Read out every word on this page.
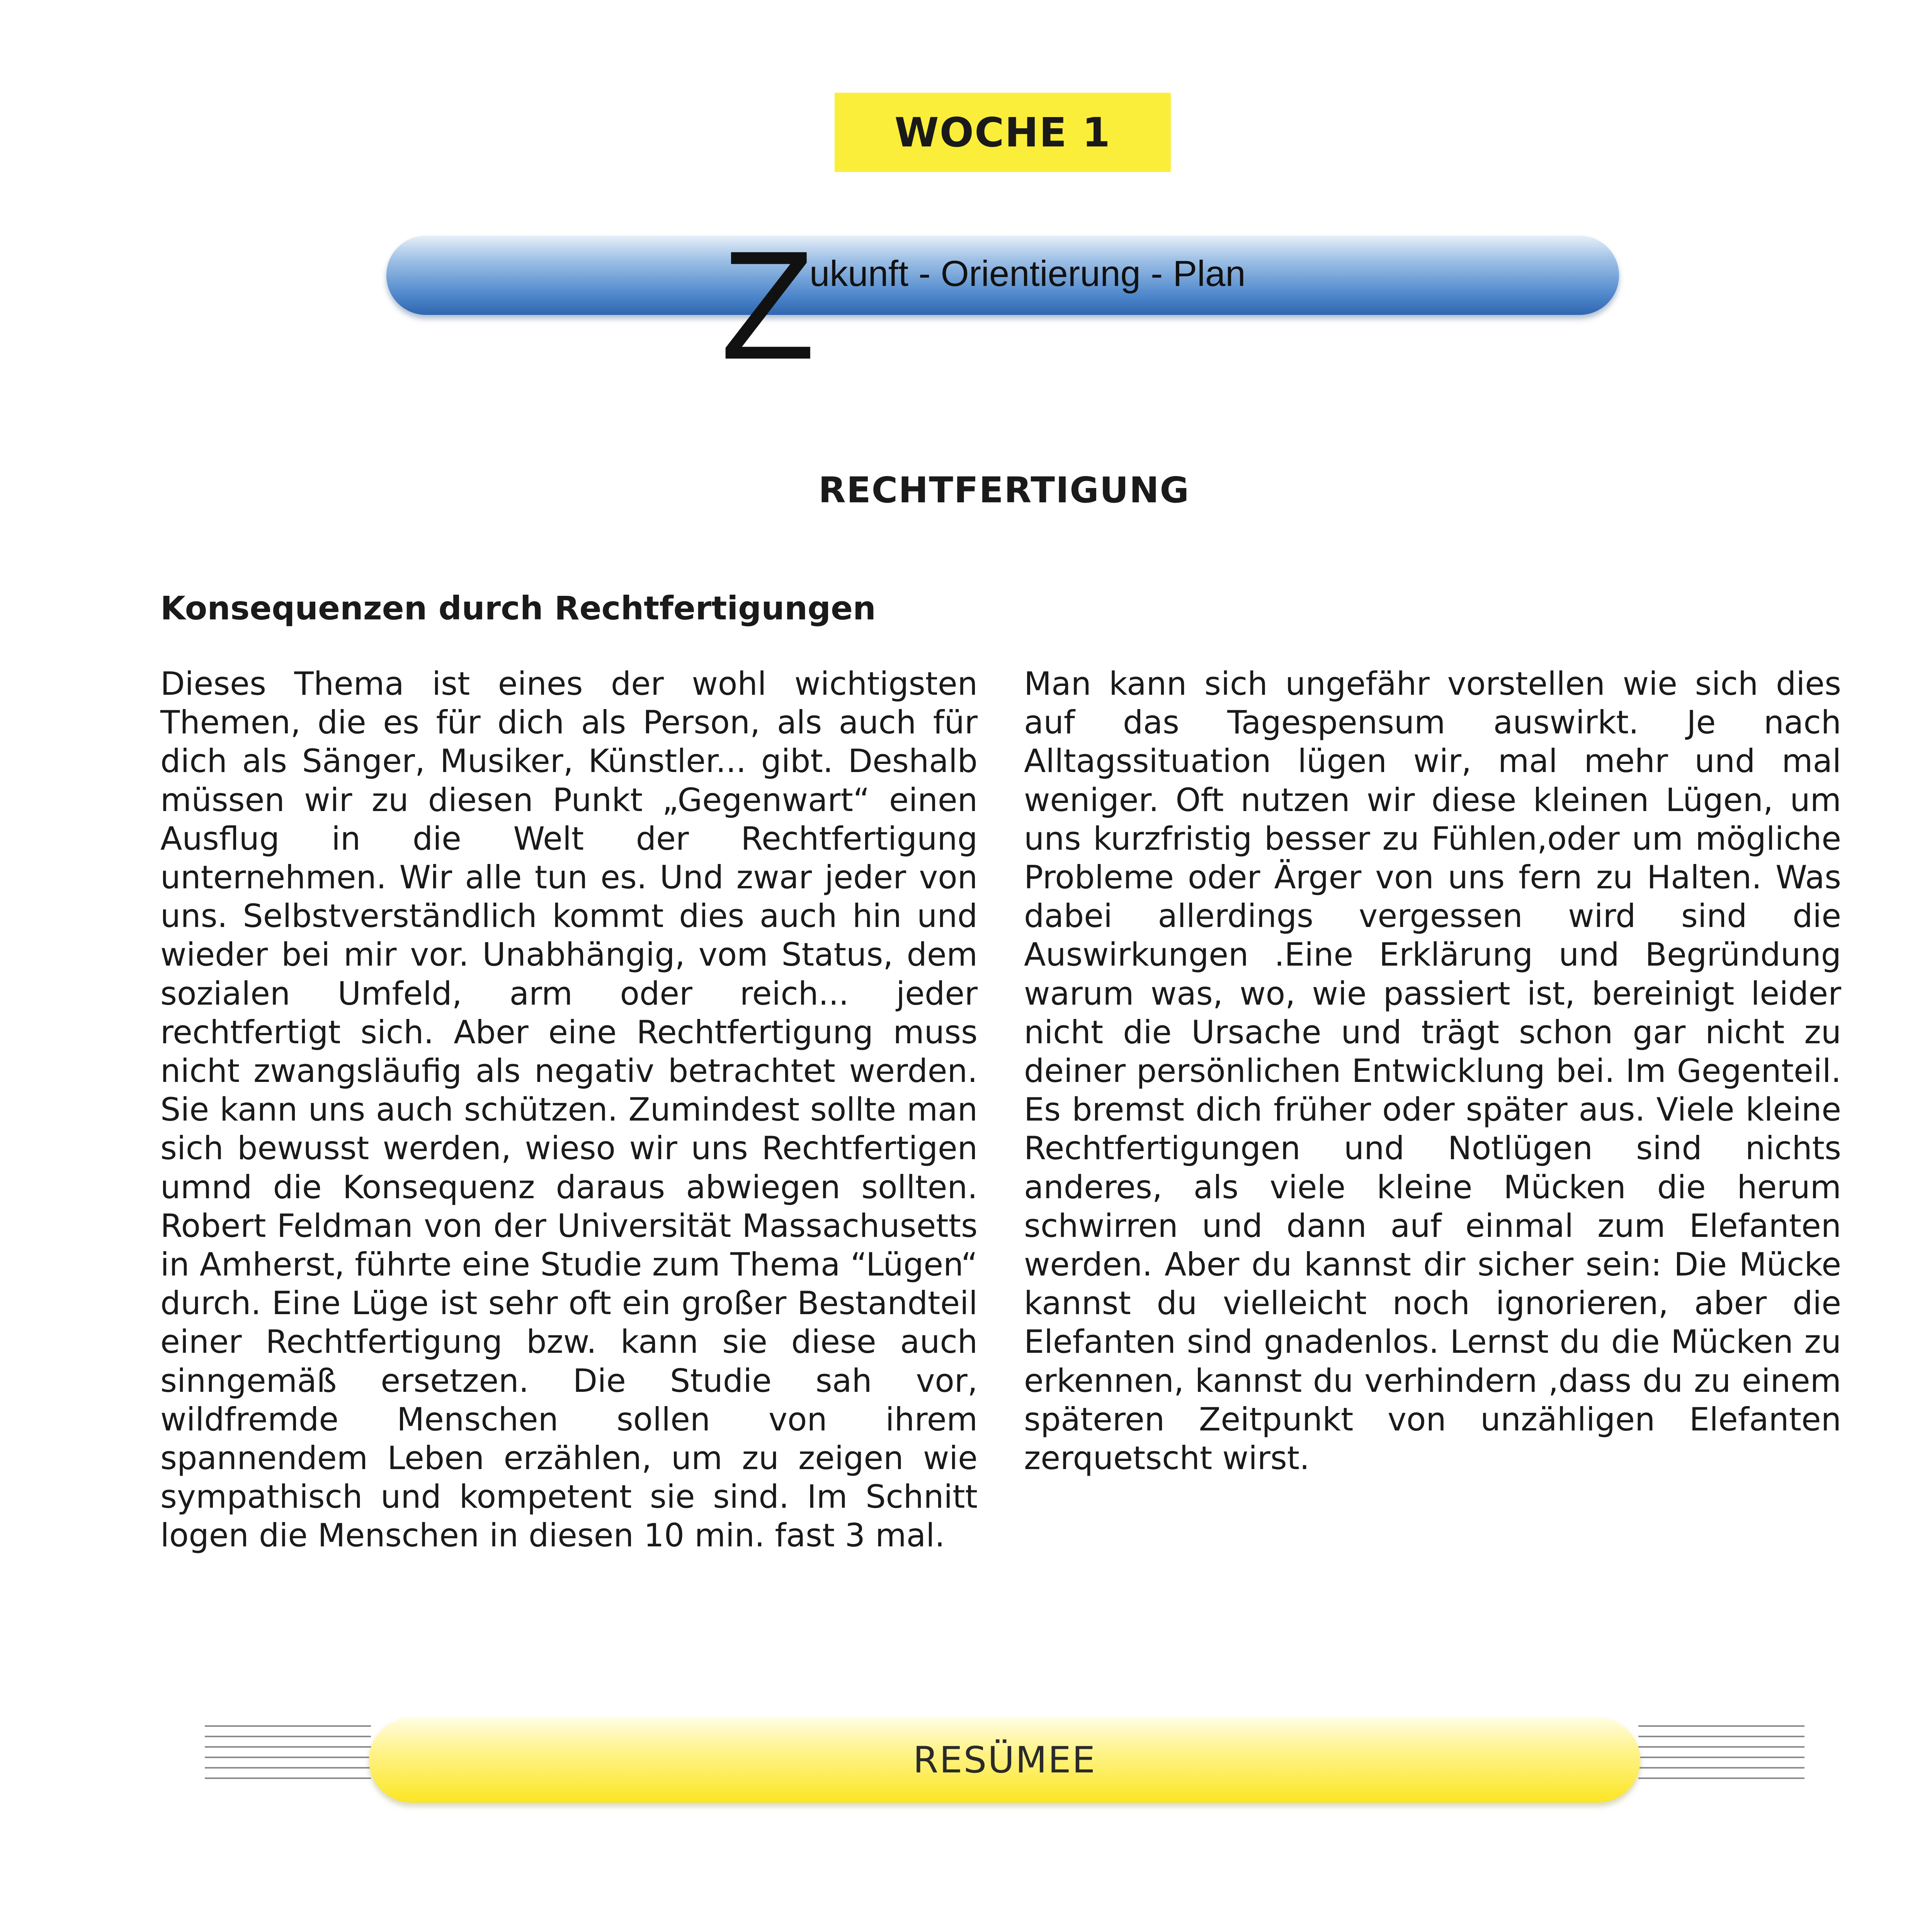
WOCHE 1
Z
ukunft - Orientierung - Plan
RECHTFERTIGUNG
Konsequenzen durch Rechtfertigungen

Dieses Thema ist eines der wohl wichtigsten Themen, die es für dich als Person, als auch für dich als Sänger, Musiker, Künstler... gibt. Deshalb müssen wir zu diesen Punkt „Gegenwart“ einen Ausflug in die Welt der Rechtfertigung unternehmen. Wir alle tun es. Und zwar jeder von uns. Selbstverständlich kommt dies auch hin und wieder bei mir vor. Unabhängig, vom Status, dem sozialen Umfeld, arm oder reich... jeder rechtfertigt sich. Aber eine Rechtfertigung muss nicht zwangsläufig als negativ betrachtet werden. Sie kann uns auch schützen. Zumindest sollte man sich bewusst werden, wieso wir uns Rechtfertigen umnd die Konsequenz daraus abwiegen sollten. Robert Feldman von der Universität Massachusetts in Amherst, führte eine Studie zum Thema “Lügen“ durch. Eine Lüge ist sehr oft ein großer Bestandteil einer Rechtfertigung bzw. kann sie diese auch sinngemäß ersetzen. Die Studie sah vor, wildfremde Menschen sollen von ihrem spannendem Leben erzählen, um zu zeigen wie sympathisch und kompetent sie sind. Im Schnitt logen die Menschen in diesen 10 min. fast 3 mal.

Man kann sich ungefähr vorstellen wie sich dies auf das Tagespensum auswirkt. Je nach Alltagssituation lügen wir, mal mehr und mal weniger. Oft nutzen wir diese kleinen Lügen, um uns kurzfristig besser zu Fühlen,oder um mögliche Probleme oder Ärger von uns fern zu Halten. Was dabei allerdings vergessen wird sind die Auswirkungen .Eine Erklärung und Begründung warum was, wo, wie passiert ist, bereinigt leider nicht die Ursache und trägt schon gar nicht zu deiner persönlichen Entwicklung bei. Im Gegenteil. Es bremst dich früher oder später aus. Viele kleine Rechtfertigungen und Notlügen sind nichts anderes, als viele kleine Mücken die herum schwirren und dann auf einmal zum Elefanten werden. Aber du kannst dir sicher sein: Die Mücke kannst du vielleicht noch ignorieren, aber die Elefanten sind gnadenlos. Lernst du die Mücken zu erkennen, kannst du verhindern ,dass du zu einem späteren Zeitpunkt von unzähligen Elefanten zerquetscht wirst.

RESÜMEE
